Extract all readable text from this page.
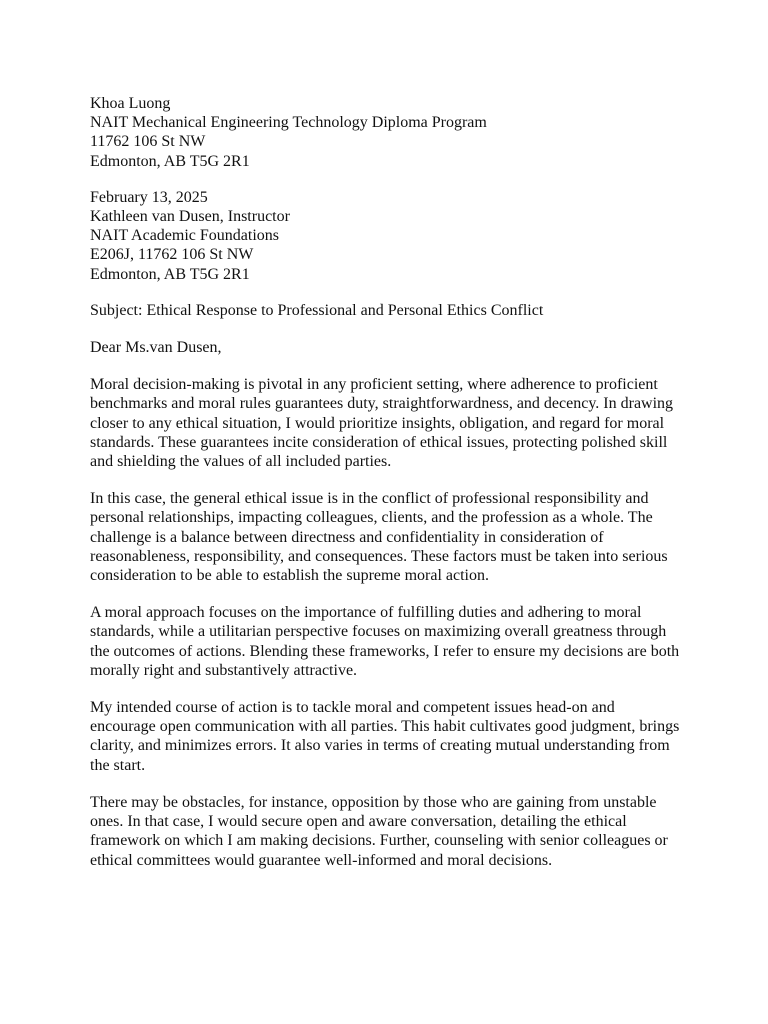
Khoa Luong
NAIT Mechanical Engineering Technology Diploma Program
11762 106 St NW
Edmonton, AB T5G 2R1
February 13, 2025
Kathleen van Dusen, Instructor
NAIT Academic Foundations
E206J, 11762 106 St NW
Edmonton, AB T5G 2R1

Subject: Ethical Response to Professional and Personal Ethics Conflict

Dear Ms.van Dusen,

Moral decision-making is pivotal in any proficient setting, where adherence to proficient benchmarks and moral rules guarantees duty, straightforwardness, and decency. In drawing closer to any ethical situation, I would prioritize insights, obligation, and regard for moral standards. These guarantees incite consideration of ethical issues, protecting polished skill and shielding the values of all included parties.

In this case, the general ethical issue is in the conflict of professional responsibility and personal relationships, impacting colleagues, clients, and the profession as a whole. The challenge is a balance between directness and confidentiality in consideration of reasonableness, responsibility, and consequences. These factors must be taken into serious consideration to be able to establish the supreme moral action.

A moral approach focuses on the importance of fulfilling duties and adhering to moral standards, while a utilitarian perspective focuses on maximizing overall greatness through the outcomes of actions. Blending these frameworks, I refer to ensure my decisions are both morally right and substantively attractive.

My intended course of action is to tackle moral and competent issues head-on and encourage open communication with all parties. This habit cultivates good judgment, brings clarity, and minimizes errors. It also varies in terms of creating mutual understanding from the start.

There may be obstacles, for instance, opposition by those who are gaining from unstable ones. In that case, I would secure open and aware conversation, detailing the ethical framework on which I am making decisions. Further, counseling with senior colleagues or ethical committees would guarantee well-informed and moral decisions.
